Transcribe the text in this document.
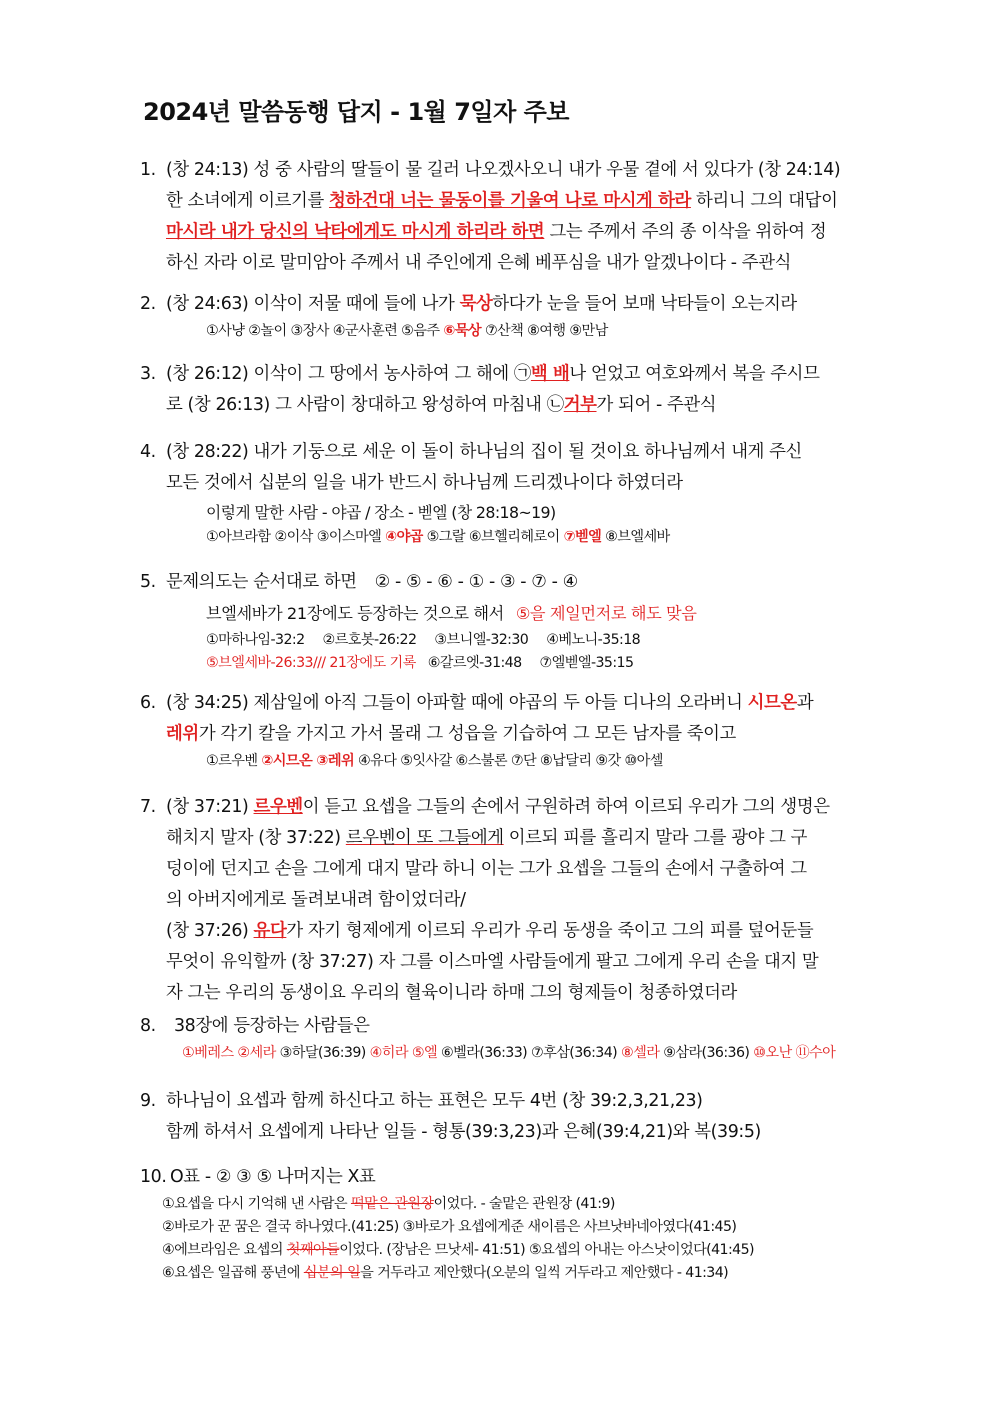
2024년 말씀동행 답지 - 1월 7일자 주보
1. (창 24:13) 성 중 사람의 딸들이 물 길러 나오겠사오니 내가 우물 곁에 서 있다가 (창 24:14)
한 소녀에게 이르기를 청하건대 너는 물동이를 기울여 나로 마시게 하라 하리니 그의 대답이
마시라 내가 당신의 낙타에게도 마시게 하리라 하면 그는 주께서 주의 종 이삭을 위하여 정
하신 자라 이로 말미암아 주께서 내 주인에게 은혜 베푸심을 내가 알겠나이다 - 주관식
2. (창 24:63) 이삭이 저물 때에 들에 나가 묵상하다가 눈을 들어 보매 낙타들이 오는지라
①사냥 ②놀이 ③장사 ④군사훈련 ⑤음주 ⑥묵상 ⑦산책 ⑧여행 ⑨만남
3. (창 26:12) 이삭이 그 땅에서 농사하여 그 해에 ㉠백 배나 얻었고 여호와께서 복을 주시므
로 (창 26:13) 그 사람이 창대하고 왕성하여 마침내 ㉡거부가 되어 - 주관식
4. (창 28:22) 내가 기둥으로 세운 이 돌이 하나님의 집이 될 것이요 하나님께서 내게 주신
모든 것에서 십분의 일을 내가 반드시 하나님께 드리겠나이다 하였더라
이렇게 말한 사람 - 야곱 / 장소 - 벧엘 (창 28:18~19)
①아브라함 ②이삭 ③이스마엘 ④야곱 ⑤그랄 ⑥브헬리헤로이 ⑦벧엘 ⑧브엘세바
5. 문제의도는 순서대로 하면 ② - ⑤ - ⑥ - ① - ③ - ⑦ - ④
브엘세바가 21장에도 등장하는 것으로 해서 ⑤을 제일먼저로 해도 맞음
①마하나임-32:2 ②르호봇-26:22 ③브니엘-32:30 ④베노니-35:18
⑤브엘세바-26:33/// 21장에도 기록 ⑥갈르엣-31:48 ⑦엘벧엘-35:15
6. (창 34:25) 제삼일에 아직 그들이 아파할 때에 야곱의 두 아들 디나의 오라버니 시므온과
레위가 각기 칼을 가지고 가서 몰래 그 성읍을 기습하여 그 모든 남자를 죽이고
①르우벤 ②시므온 ③레위 ④유다 ⑤잇사갈 ⑥스불론 ⑦단 ⑧납달리 ⑨갓 ⑩아셀
7. (창 37:21) 르우벤이 듣고 요셉을 그들의 손에서 구원하려 하여 이르되 우리가 그의 생명은
해치지 말자 (창 37:22) 르우벤이 또 그들에게 이르되 피를 흘리지 말라 그를 광야 그 구
덩이에 던지고 손을 그에게 대지 말라 하니 이는 그가 요셉을 그들의 손에서 구출하여 그
의 아버지에게로 돌려보내려 함이었더라/
(창 37:26) 유다가 자기 형제에게 이르되 우리가 우리 동생을 죽이고 그의 피를 덮어둔들
무엇이 유익할까 (창 37:27) 자 그를 이스마엘 사람들에게 팔고 그에게 우리 손을 대지 말
자 그는 우리의 동생이요 우리의 혈육이니라 하매 그의 형제들이 청종하였더라
8. 38장에 등장하는 사람들은
①베레스 ②세라 ③하달(36:39) ④히라 ⑤엘 ⑥벨라(36:33) ⑦후삼(36:34) ⑧셀라 ⑨삼라(36:36) ⑩오난 ⑪수아
9. 하나님이 요셉과 함께 하신다고 하는 표현은 모두 4번 (창 39:2,3,21,23)
함께 하셔서 요셉에게 나타난 일들 - 형통(39:3,23)과 은혜(39:4,21)와 복(39:5)
10. O표 - ② ③ ⑤ 나머지는 X표
①요셉을 다시 기억해 낸 사람은 떡맡은 관원장이었다. - 술맡은 관원장 (41:9)
②바로가 꾼 꿈은 결국 하나였다.(41:25) ③바로가 요셉에게준 새이름은 사브낫바네아였다(41:45)
④에브라임은 요셉의 첫째아들이었다. (장남은 므낫세- 41:51) ⑤요셉의 아내는 아스낫이었다(41:45)
⑥요셉은 일곱해 풍년에 십분의 일을 거두라고 제안했다(오분의 일씩 거두라고 제안했다 - 41:34)
